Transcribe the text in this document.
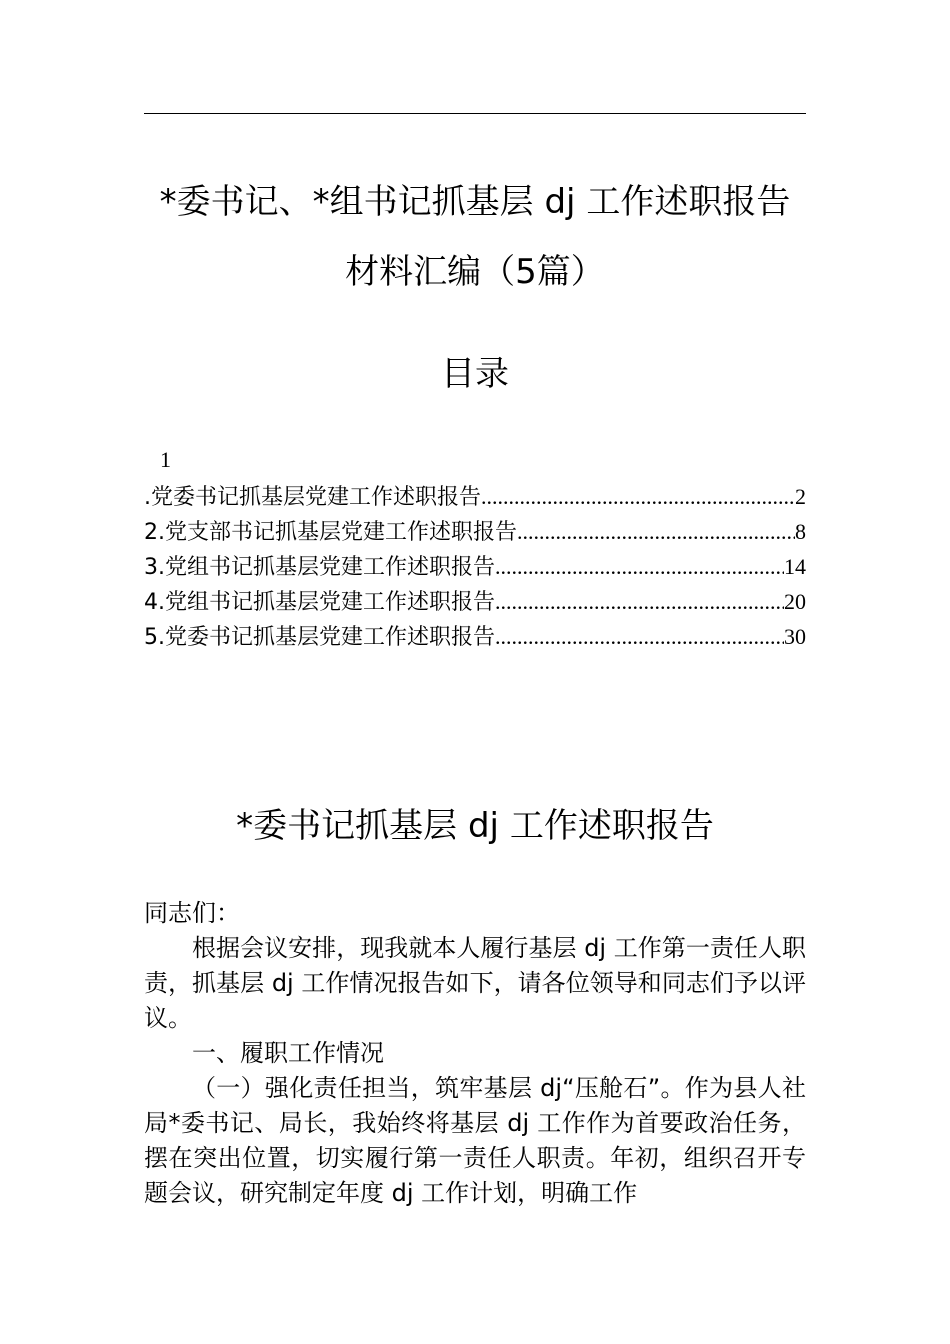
*委书记、*组书记抓基层 dj 工作述职报告
材料汇编（5篇）
目录
1
.党委书记抓基层党建工作述职报告 .....	2
2.党支部书记抓基层党建工作述职报告 .....	8
3.党组书记抓基层党建工作述职报告 .....	14
4.党组书记抓基层党建工作述职报告 .....	20
5.党委书记抓基层党建工作述职报告 .....	30
*委书记抓基层 dj 工作述职报告

同志们：

根据会议安排，现我就本人履行基层 dj 工作第一责任人职责，抓基层 dj 工作情况报告如下，请各位领导和同志们予以评议。

一、履职工作情况

（一）强化责任担当，筑牢基层 dj“压舱石”。作为县人社局*委书记、局长，我始终将基层 dj 工作作为首要政治任务，摆在突出位置，切实履行第一责任人职责。年初，组织召开专题会议，研究制定年度 dj 工作计划，明确工作
